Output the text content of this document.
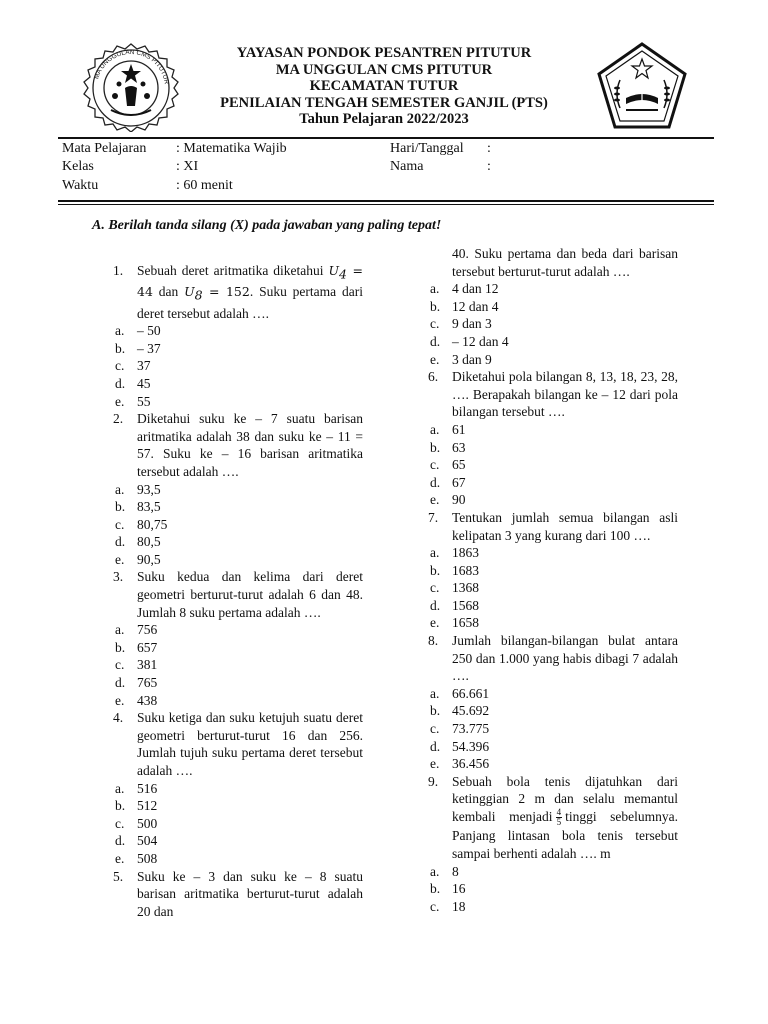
MA UNGGULAN CMS PITUTUR
YAYASAN PONDOK PESANTREN PITUTUR
MA UNGGULAN CMS PITUTUR
KECAMATAN TUTUR
PENILAIAN TENGAH SEMESTER GANJIL (PTS)
Tahun Pelajaran 2022/2023
Mata Pelajaran : Matematika Wajib
Kelas	: XI
Waktu	: 60 menit
Hari/Tanggal :
Nama	:
A. Berilah tanda silang (X) pada jawaban yang paling tepat!
1. Sebuah deret aritmatika diketahui $U_4 = 44$ dan $U_8 = 152$. Suku pertama dari deret tersebut adalah ….
a. – 50
b. – 37
c. 37
d. 45
e. 55
2. Diketahui suku ke – 7 suatu barisan aritmatika adalah 38 dan suku ke – 11 = 57. Suku ke – 16 barisan aritmatika tersebut adalah ….
a. 93,5
b. 83,5
c. 80,75
d. 80,5
e. 90,5
3. Suku kedua dan kelima dari deret geometri berturut-turut adalah 6 dan 48. Jumlah 8 suku pertama adalah ….
a. 756
b. 657
c. 381
d. 765
e. 438
4. Suku ketiga dan suku ketujuh suatu deret geometri berturut-turut 16 dan 256. Jumlah tujuh suku pertama deret tersebut adalah ….
a. 516
b. 512
c. 500
d. 504
e. 508
5. Suku ke – 3 dan suku ke – 8 suatu barisan aritmatika berturut-turut adalah 20 dan
40. Suku pertama dan beda dari barisan tersebut berturut-turut adalah ….
a. 4 dan 12
b. 12 dan 4
c. 9 dan 3
d. – 12 dan 4
e. 3 dan 9
6. Diketahui pola bilangan 8, 13, 18, 23, 28, …. Berapakah bilangan ke – 12 dari pola bilangan tersebut ….
a. 61
b. 63
c. 65
d. 67
e. 90
7. Tentukan jumlah semua bilangan asli kelipatan 3 yang kurang dari 100 ….
a. 1863
b. 1683
c. 1368
d. 1568
e. 1658
8. Jumlah bilangan-bilangan bulat antara 250 dan 1.000 yang habis dibagi 7 adalah ….
a. 66.661
b. 45.692
c. 73.775
d. 54.396
e. 36.456
9. Sebuah bola tenis dijatuhkan dari ketinggian 2 m dan selalu memantul kembali menjadi $\frac{4}{5}$ tinggi sebelumnya. Panjang lintasan bola tenis tersebut sampai berhenti adalah …. m
a. 8
b. 16
c. 18
